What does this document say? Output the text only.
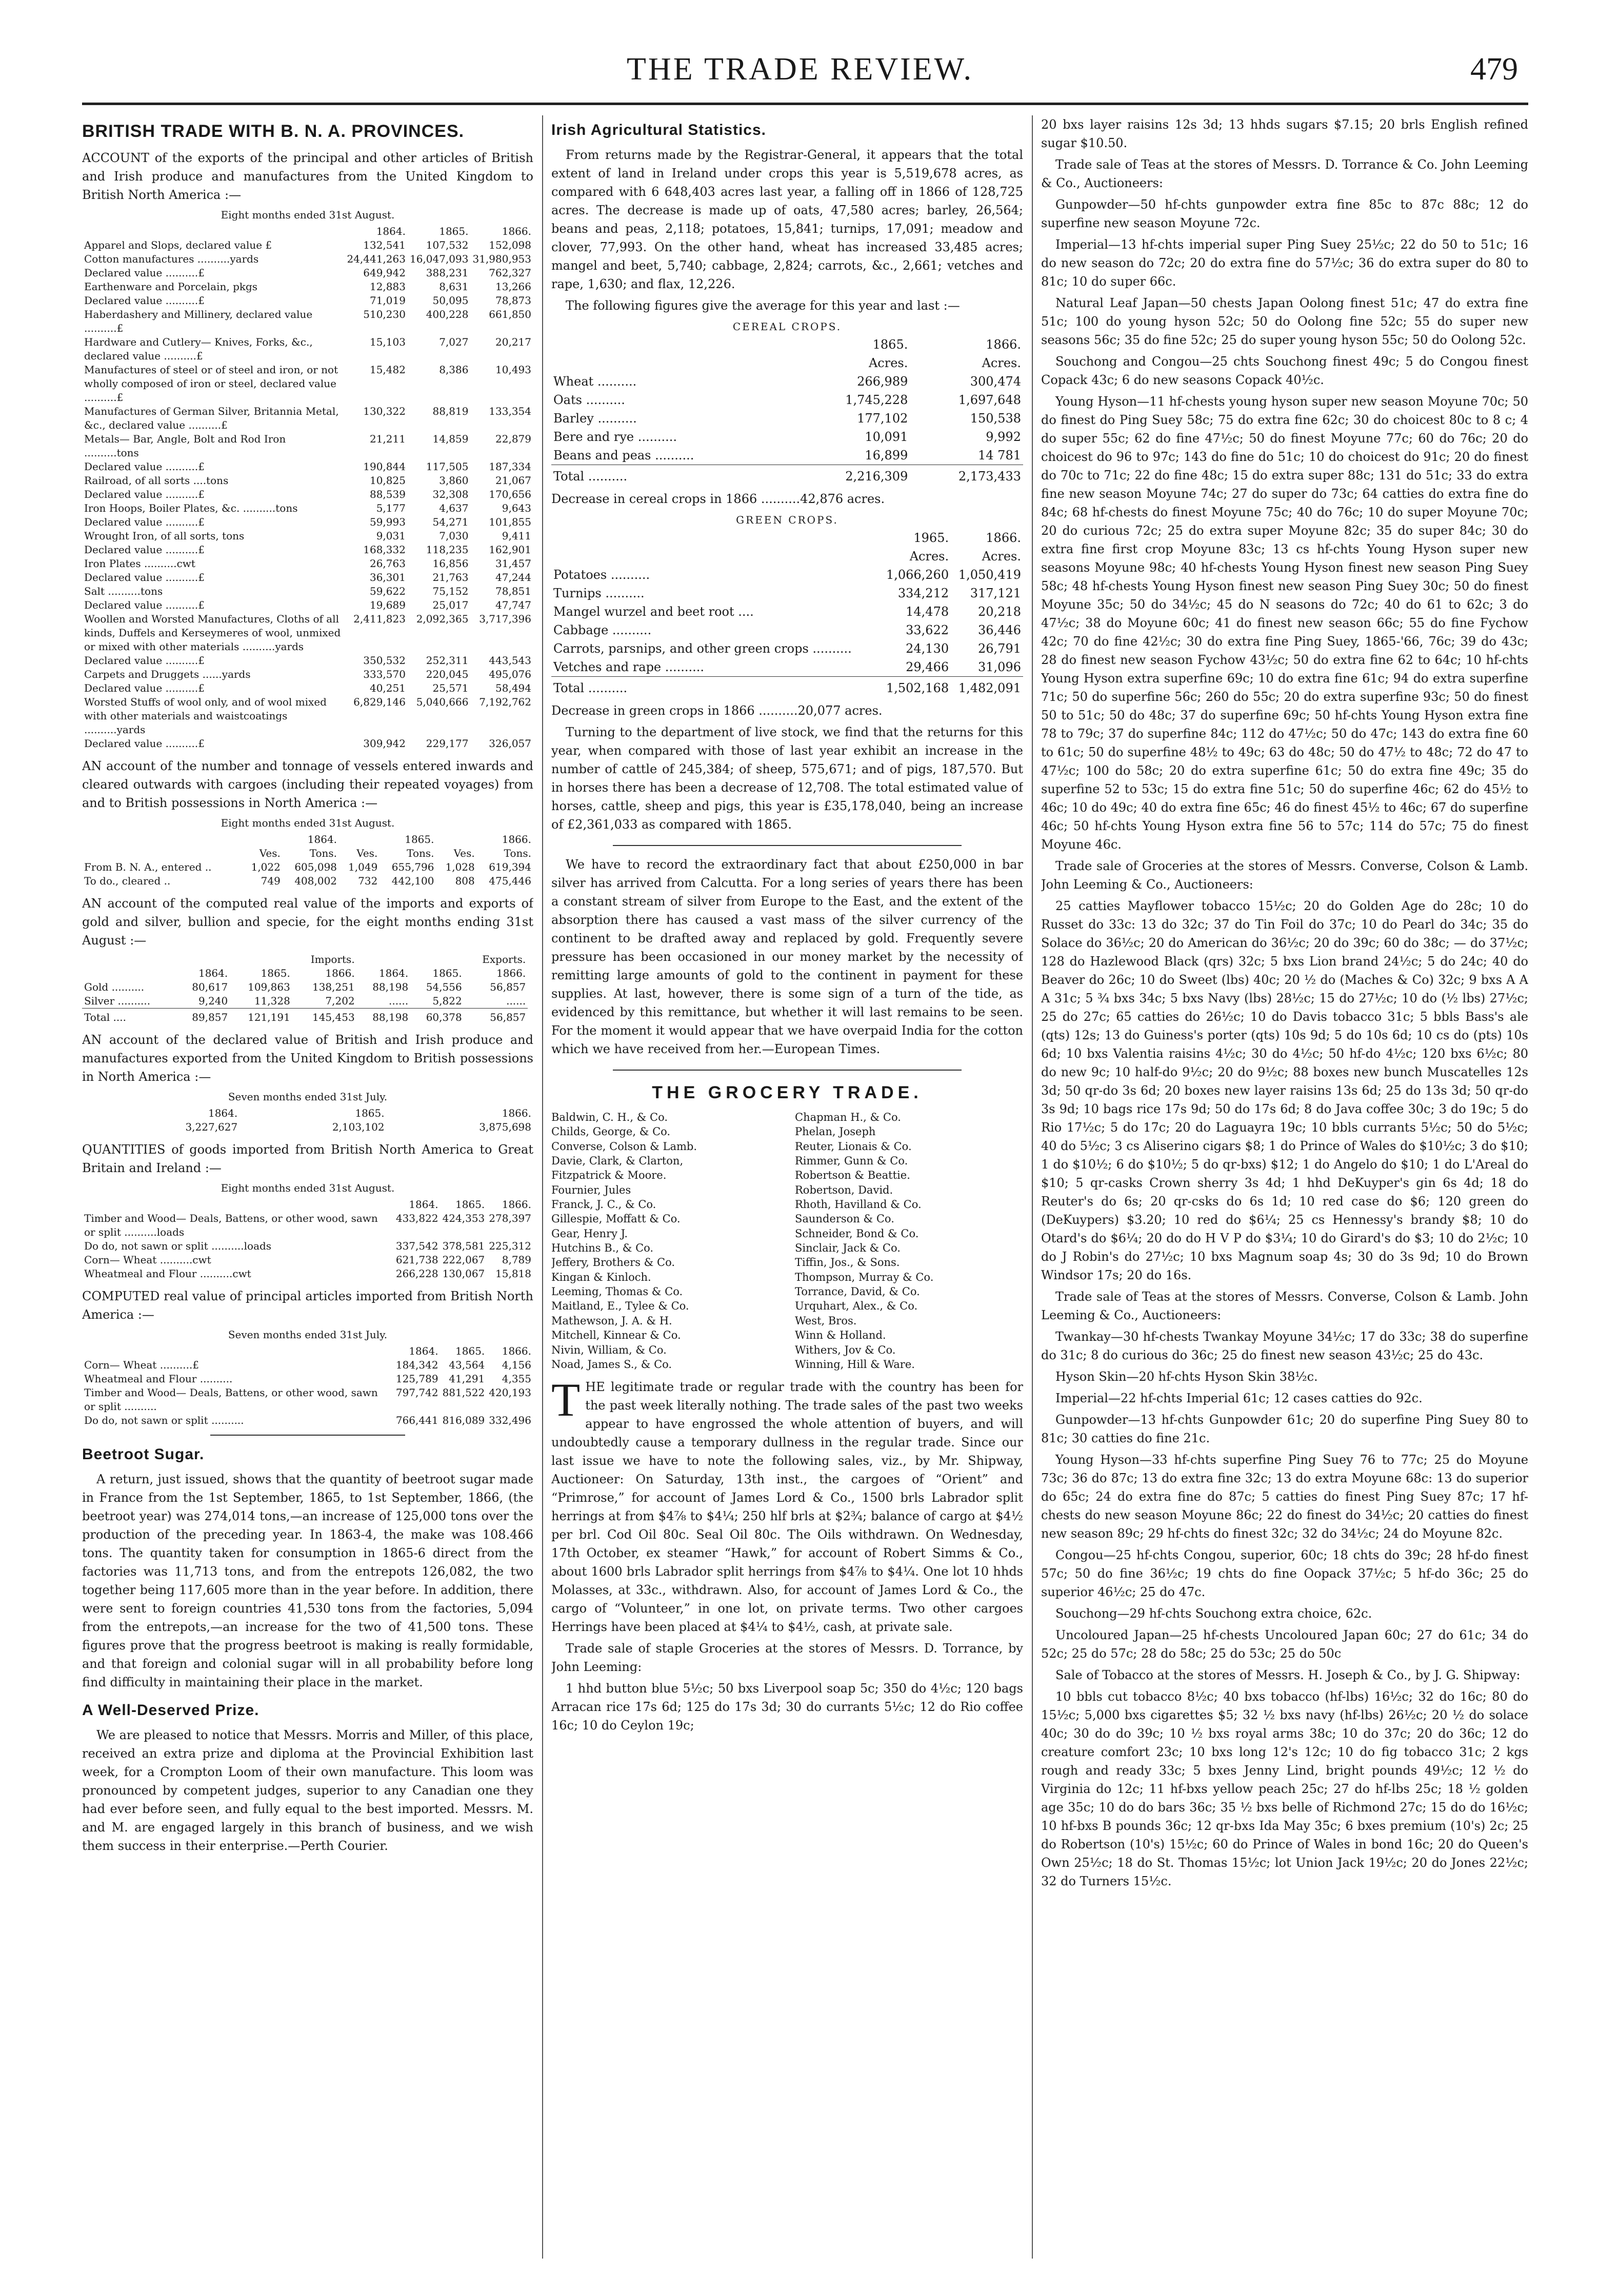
THE TRADE REVIEW.	479
BRITISH TRADE WITH B. N. A. PROVINCES.

ACCOUNT of the exports of the principal and other articles of British and Irish produce and manufactures from the United Kingdom to British North America :—

Eight months ended 31st August.
	1864.	1865.	1866.
Apparel and Slops, declared value £	132,541	107,532	152,098
Cotton manufactures ..........yards	24,441,263	16,047,093	31,980,953
Declared value ..........£	649,942	388,231	762,327
Earthenware and Porcelain, pkgs	12,883	8,631	13,266
Declared value ..........£	71,019	50,095	78,873
Haberdashery and Millinery, declared value ..........£	510,230	400,228	661,850
Hardware and Cutlery— Knives, Forks, &c., declared value ..........£	15,103	7,027	20,217
Manufactures of steel or of steel and iron, or not wholly composed of iron or steel, declared value ..........£	15,482	8,386	10,493
Manufactures of German Silver, Britannia Metal, &c., declared value ..........£	130,322	88,819	133,354
Metals— Bar, Angle, Bolt and Rod Iron ..........tons	21,211	14,859	22,879
Declared value ..........£	190,844	117,505	187,334
Railroad, of all sorts ....tons	10,825	3,860	21,067
Declared value ..........£	88,539	32,308	170,656
Iron Hoops, Boiler Plates, &c. ..........tons	5,177	4,637	9,643
Declared value ..........£	59,993	54,271	101,855
Wrought Iron, of all sorts, tons	9,031	7,030	9,411
Declared value ..........£	168,332	118,235	162,901
Iron Plates ..........cwt	26,763	16,856	31,457
Declared value ..........£	36,301	21,763	47,244
Salt ..........tons	59,622	75,152	78,851
Declared value ..........£	19,689	25,017	47,747
Woollen and Worsted Manufactures, Cloths of all kinds, Duffels and Kerseymeres of wool, unmixed or mixed with other materials ..........yards	2,411,823	2,092,365	3,717,396
Declared value ..........£	350,532	252,311	443,543
Carpets and Druggets ......yards	333,570	220,045	495,076
Declared value ..........£	40,251	25,571	58,494
Worsted Stuffs of wool only, and of wool mixed with other materials and waistcoatings ..........yards	6,829,146	5,040,666	7,192,762
Declared value ..........£	309,942	229,177	326,057

AN account of the number and tonnage of vessels entered inwards and cleared outwards with cargoes (including their repeated voyages) from and to British possessions in North America :—

Eight months ended 31st August.
		1864.		1865.		1866.
	Ves.	Tons.	Ves.	Tons.	Ves.	Tons.
From B. N. A., entered ..	1,022	605,098	1,049	655,796	1,028	619,394
To do., cleared ..	749	408,002	732	442,100	808	475,446

AN account of the computed real value of the imports and exports of gold and silver, bullion and specie, for the eight months ending 31st August :—

			Imports.			Exports.	
	1864.	1865.	1866.	1864.	1865.	1866.	
Gold ..........	80,617	109,863	138,251	88,198	54,556	56,857	
Silver ..........	9,240	11,328	7,202	......	5,822	......	
Total ....	89,857	121,191	145,453	88,198	60,378	56,857	

AN account of the declared value of British and Irish produce and manufactures exported from the United Kingdom to British possessions in North America :—

Seven months ended 31st July.
	1864.	1865.	1866.
	3,227,627	2,103,102	3,875,698

QUANTITIES of goods imported from British North America to Great Britain and Ireland :—

Eight months ended 31st August.
	1864.	1865.	1866.
Timber and Wood— Deals, Battens, or other wood, sawn or split ..........loads	433,822	424,353	278,397
Do do, not sawn or split ..........loads	337,542	378,581	225,312
Corn— Wheat ..........cwt	621,738	222,067	8,789
Wheatmeal and Flour ..........cwt	266,228	130,067	15,818

COMPUTED real value of principal articles imported from British North America :—

Seven months ended 31st July.
	1864.	1865.	1866.
Corn— Wheat ..........£	184,342	43,564	4,156
Wheatmeal and Flour ..........	125,789	41,291	4,355
Timber and Wood— Deals, Battens, or other wood, sawn or split ..........	797,742	881,522	420,193
Do do, not sawn or split ..........	766,441	816,089	332,496
Beetroot Sugar.

A return, just issued, shows that the quantity of beetroot sugar made in France from the 1st September, 1865, to 1st September, 1866, (the beetroot year) was 274,014 tons,—an increase of 125,000 tons over the production of the preceding year. In 1863-4, the make was 108.466 tons. The quantity taken for consumption in 1865-6 direct from the factories was 11,713 tons, and from the entrepots 126,082, the two together being 117,605 more than in the year before. In addition, there were sent to foreign countries 41,530 tons from the factories, 5,094 from the entrepots,—an increase for the two of 41,500 tons. These figures prove that the progress beetroot is making is really formidable, and that foreign and colonial sugar will in all probability before long find difficulty in maintaining their place in the market.

A Well-Deserved Prize.

We are pleased to notice that Messrs. Morris and Miller, of this place, received an extra prize and diploma at the Provincial Exhibition last week, for a Crompton Loom of their own manufacture. This loom was pronounced by competent judges, superior to any Canadian one they had ever before seen, and fully equal to the best imported. Messrs. M. and M. are engaged largely in this branch of business, and we wish them success in their enterprise.—Perth Courier.

Irish Agricultural Statistics.

From returns made by the Registrar-General, it appears that the total extent of land in Ireland under crops this year is 5,519,678 acres, as compared with 6 648,403 acres last year, a falling off in 1866 of 128,725 acres. The decrease is made up of oats, 47,580 acres; barley, 26,564; beans and peas, 2,118; potatoes, 15,841; turnips, 17,091; meadow and clover, 77,993. On the other hand, wheat has increased 33,485 acres; mangel and beet, 5,740; cabbage, 2,824; carrots, &c., 2,661; vetches and rape, 1,630; and flax, 12,226.

The following figures give the average for this year and last :—

CEREAL CROPS.
	1865.	1866.
	Acres.	Acres.
Wheat ..........	266,989	300,474
Oats ..........	1,745,228	1,697,648
Barley ..........	177,102	150,538
Bere and rye ..........	10,091	9,992
Beans and peas ..........	16,899	14 781
Total ..........	2,216,309	2,173,433

Decrease in cereal crops in 1866 ..........42,876 acres.

GREEN CROPS.
	1965.	1866.
	Acres.	Acres.
Potatoes ..........	1,066,260	1,050,419
Turnips ..........	334,212	317,121
Mangel wurzel and beet root ....	14,478	20,218
Cabbage ..........	33,622	36,446
Carrots, parsnips, and other green crops ..........	24,130	26,791
Vetches and rape ..........	29,466	31,096
Total ..........	1,502,168	1,482,091

Decrease in green crops in 1866 ..........20,077 acres.

Turning to the department of live stock, we find that the returns for this year, when compared with those of last year exhibit an increase in the number of cattle of 245,384; of sheep, 575,671; and of pigs, 187,570. But in horses there has been a decrease of 12,708. The total estimated value of horses, cattle, sheep and pigs, this year is £35,178,040, being an increase of £2,361,033 as compared with 1865.

We have to record the extraordinary fact that about £250,000 in bar silver has arrived from Calcutta. For a long series of years there has been a constant stream of silver from Europe to the East, and the extent of the absorption there has caused a vast mass of the silver currency of the continent to be drafted away and replaced by gold. Frequently severe pressure has been occasioned in our money market by the necessity of remitting large amounts of gold to the continent in payment for these supplies. At last, however, there is some sign of a turn of the tide, as evidenced by this remittance, but whether it will last remains to be seen. For the moment it would appear that we have overpaid India for the cotton which we have received from her.—European Times.

THE GROCERY TRADE.
Baldwin, C. H., & Co.
Childs, George, & Co.
Converse, Colson & Lamb.
Davie, Clark, & Clarton,
Fitzpatrick & Moore.
Fournier, Jules
Franck, J. C., & Co.
Gillespie, Moffatt & Co.
Gear, Henry J.
Hutchins B., & Co.
Jeffery, Brothers & Co.
Kingan & Kinloch.
Leeming, Thomas & Co.
Maitland, E., Tylee & Co.
Mathewson, J. A. & H.
Mitchell, Kinnear & Co.
Nivin, William, & Co.
Noad, James S., & Co.
Chapman H., & Co.
Phelan, Joseph
Reuter, Lionais & Co.
Rimmer, Gunn & Co.
Robertson & Beattie.
Robertson, David.
Rhoth, Havilland & Co.
Saunderson & Co.
Schneider, Bond & Co.
Sinclair, Jack & Co.
Tiffin, Jos., & Sons.
Thompson, Murray & Co.
Torrance, David, & Co.
Urquhart, Alex., & Co.
West, Bros.
Winn & Holland.
Withers, Jov & Co.
Winning, Hill & Ware.

THE legitimate trade or regular trade with the country has been for the past week literally nothing. The trade sales of the past two weeks appear to have engrossed the whole attention of buyers, and will undoubtedly cause a temporary dullness in the regular trade. Since our last issue we have to note the following sales, viz., by Mr. Shipway, Auctioneer: On Saturday, 13th inst., the cargoes of “Orient” and “Primrose,” for account of James Lord & Co., 1500 brls Labrador split herrings at from $4⅞ to $4¼; 250 hlf brls at $2¾; balance of cargo at $4½ per brl. Cod Oil 80c. Seal Oil 80c. The Oils withdrawn. On Wednesday, 17th October, ex steamer “Hawk,” for account of Robert Simms & Co., about 1600 brls Labrador split herrings from $4⅞ to $4¼. One lot 10 hhds Molasses, at 33c., withdrawn. Also, for account of James Lord & Co., the cargo of “Volunteer,” in one lot, on private terms. Two other cargoes Herrings have been placed at $4¼ to $4½, cash, at private sale.

Trade sale of staple Groceries at the stores of Messrs. D. Torrance, by John Leeming:

1 hhd button blue 5½c; 50 bxs Liverpool soap 5c; 350 do 4½c; 120 bags Arracan rice 17s 6d; 125 do 17s 3d; 30 do currants 5½c; 12 do Rio coffee 16c; 10 do Ceylon 19c;

20 bxs layer raisins 12s 3d; 13 hhds sugars $7.15; 20 brls English refined sugar $10.50.

Trade sale of Teas at the stores of Messrs. D. Torrance & Co. John Leeming & Co., Auctioneers:

Gunpowder—50 hf-chts gunpowder extra fine 85c to 87c 88c; 12 do superfine new season Moyune 72c.

Imperial—13 hf-chts imperial super Ping Suey 25½c; 22 do 50 to 51c; 16 do new season do 72c; 20 do extra fine do 57½c; 36 do extra super do 80 to 81c; 10 do super 66c.

Natural Leaf Japan—50 chests Japan Oolong finest 51c; 47 do extra fine 51c; 100 do young hyson 52c; 50 do Oolong fine 52c; 55 do super new seasons 56c; 35 do fine 52c; 25 do super young hyson 55c; 50 do Oolong 52c.

Souchong and Congou—25 chts Souchong finest 49c; 5 do Congou finest Copack 43c; 6 do new seasons Copack 40½c.

Young Hyson—11 hf-chests young hyson super new season Moyune 70c; 50 do finest do Ping Suey 58c; 75 do extra fine 62c; 30 do choicest 80c to 8 c; 4 do super 55c; 62 do fine 47½c; 50 do finest Moyune 77c; 60 do 76c; 20 do choicest do 96 to 97c; 143 do fine do 51c; 10 do choicest do 91c; 20 do finest do 70c to 71c; 22 do fine 48c; 15 do extra super 88c; 131 do 51c; 33 do extra fine new season Moyune 74c; 27 do super do 73c; 64 catties do extra fine do 84c; 68 hf-chests do finest Moyune 75c; 40 do 76c; 10 do super Moyune 70c; 20 do curious 72c; 25 do extra super Moyune 82c; 35 do super 84c; 30 do extra fine first crop Moyune 83c; 13 cs hf-chts Young Hyson super new seasons Moyune 98c; 40 hf-chests Young Hyson finest new season Ping Suey 58c; 48 hf-chests Young Hyson finest new season Ping Suey 30c; 50 do finest Moyune 35c; 50 do 34½c; 45 do N seasons do 72c; 40 do 61 to 62c; 3 do 47½c; 38 do Moyune 60c; 41 do finest new season 66c; 55 do fine Fychow 42c; 70 do fine 42½c; 30 do extra fine Ping Suey, 1865-'66, 76c; 39 do 43c; 28 do finest new season Fychow 43½c; 50 do extra fine 62 to 64c; 10 hf-chts Young Hyson extra superfine 69c; 10 do extra fine 61c; 94 do extra superfine 71c; 50 do superfine 56c; 260 do 55c; 20 do extra superfine 93c; 50 do finest 50 to 51c; 50 do 48c; 37 do superfine 69c; 50 hf-chts Young Hyson extra fine 78 to 79c; 37 do superfine 84c; 112 do 47½c; 50 do 47c; 143 do extra fine 60 to 61c; 50 do superfine 48½ to 49c; 63 do 48c; 50 do 47½ to 48c; 72 do 47 to 47½c; 100 do 58c; 20 do extra superfine 61c; 50 do extra fine 49c; 35 do superfine 52 to 53c; 15 do extra fine 51c; 50 do superfine 46c; 62 do 45½ to 46c; 10 do 49c; 40 do extra fine 65c; 46 do finest 45½ to 46c; 67 do superfine 46c; 50 hf-chts Young Hyson extra fine 56 to 57c; 114 do 57c; 75 do finest Moyune 46c.

Trade sale of Groceries at the stores of Messrs. Converse, Colson & Lamb. John Leeming & Co., Auctioneers:

25 catties Mayflower tobacco 15½c; 20 do Golden Age do 28c; 10 do Russet do 33c: 13 do 32c; 37 do Tin Foil do 37c; 10 do Pearl do 34c; 35 do Solace do 36½c; 20 do American do 36½c; 20 do 39c; 60 do 38c; — do 37½c; 128 do Hazlewood Black (qrs) 32c; 5 bxs Lion brand 24½c; 5 do 24c; 40 do Beaver do 26c; 10 do Sweet (lbs) 40c; 20 ½ do (Maches & Co) 32c; 9 bxs A A A 31c; 5 ¾ bxs 34c; 5 bxs Navy (lbs) 28½c; 15 do 27½c; 10 do (½ lbs) 27½c; 25 do 27c; 65 catties do 26½c; 10 do Davis tobacco 31c; 5 bbls Bass's ale (qts) 12s; 13 do Guiness's porter (qts) 10s 9d; 5 do 10s 6d; 10 cs do (pts) 10s 6d; 10 bxs Valentia raisins 4½c; 30 do 4½c; 50 hf-do 4½c; 120 bxs 6½c; 80 do new 9c; 10 half-do 9½c; 20 do 9½c; 88 boxes new bunch Muscatelles 12s 3d; 50 qr-do 3s 6d; 20 boxes new layer raisins 13s 6d; 25 do 13s 3d; 50 qr-do 3s 9d; 10 bags rice 17s 9d; 50 do 17s 6d; 8 do Java coffee 30c; 3 do 19c; 5 do Rio 17½c; 5 do 17c; 20 do Laguayra 19c; 10 bbls currants 5½c; 50 do 5½c; 40 do 5½c; 3 cs Aliserino cigars $8; 1 do Prince of Wales do $10½c; 3 do $10; 1 do $10½; 6 do $10½; 5 do qr-bxs) $12; 1 do Angelo do $10; 1 do L'Areal do $10; 5 qr-casks Crown sherry 3s 4d; 1 hhd DeKuyper's gin 6s 4d; 18 do Reuter's do 6s; 20 qr-csks do 6s 1d; 10 red case do $6; 120 green do (DeKuypers) $3.20; 10 red do $6¼; 25 cs Hennessy's brandy $8; 10 do Otard's do $6¼; 20 do do H V P do $3¼; 10 do Girard's do $3; 10 do 2½c; 10 do J Robin's do 27½c; 10 bxs Magnum soap 4s; 30 do 3s 9d; 10 do Brown Windsor 17s; 20 do 16s.

Trade sale of Teas at the stores of Messrs. Converse, Colson & Lamb. John Leeming & Co., Auctioneers:

Twankay—30 hf-chests Twankay Moyune 34½c; 17 do 33c; 38 do superfine do 31c; 8 do curious do 36c; 25 do finest new season 43½c; 25 do 43c.

Hyson Skin—20 hf-chts Hyson Skin 38½c.

Imperial—22 hf-chts Imperial 61c; 12 cases catties do 92c.

Gunpowder—13 hf-chts Gunpowder 61c; 20 do superfine Ping Suey 80 to 81c; 30 catties do fine 21c.

Young Hyson—33 hf-chts superfine Ping Suey 76 to 77c; 25 do Moyune 73c; 36 do 87c; 13 do extra fine 32c; 13 do extra Moyune 68c: 13 do superior do 65c; 24 do extra fine do 87c; 5 catties do finest Ping Suey 87c; 17 hf-chests do new season Moyune 86c; 22 do finest do 34½c; 20 catties do finest new season 89c; 29 hf-chts do finest 32c; 32 do 34½c; 24 do Moyune 82c.

Congou—25 hf-chts Congou, superior, 60c; 18 chts do 39c; 28 hf-do finest 57c; 50 do fine 36½c; 19 chts do fine Oopack 37½c; 5 hf-do 36c; 25 do superior 46½c; 25 do 47c.

Souchong—29 hf-chts Souchong extra choice, 62c.

Uncoloured Japan—25 hf-chests Uncoloured Japan 60c; 27 do 61c; 34 do 52c; 25 do 57c; 28 do 58c; 25 do 53c; 25 do 50c

Sale of Tobacco at the stores of Messrs. H. Joseph & Co., by J. G. Shipway:

10 bbls cut tobacco 8½c; 40 bxs tobacco (hf-lbs) 16½c; 32 do 16c; 80 do 15½c; 5,000 bxs cigarettes $5; 32 ½ bxs navy (hf-lbs) 26½c; 20 ½ do solace 40c; 30 do do 39c; 10 ½ bxs royal arms 38c; 10 do 37c; 20 do 36c; 12 do creature comfort 23c; 10 bxs long 12's 12c; 10 do fig tobacco 31c; 2 kgs rough and ready 33c; 5 bxes Jenny Lind, bright pounds 49½c; 12 ½ do Virginia do 12c; 11 hf-bxs yellow peach 25c; 27 do hf-lbs 25c; 18 ½ golden age 35c; 10 do do bars 36c; 35 ½ bxs belle of Richmond 27c; 15 do do 16½c; 10 hf-bxs B pounds 36c; 12 qr-bxs Ida May 35c; 6 bxes premium (10's) 2c; 25 do Robertson (10's) 15½c; 60 do Prince of Wales in bond 16c; 20 do Queen's Own 25½c; 18 do St. Thomas 15½c; lot Union Jack 19½c; 20 do Jones 22½c; 32 do Turners 15½c.
